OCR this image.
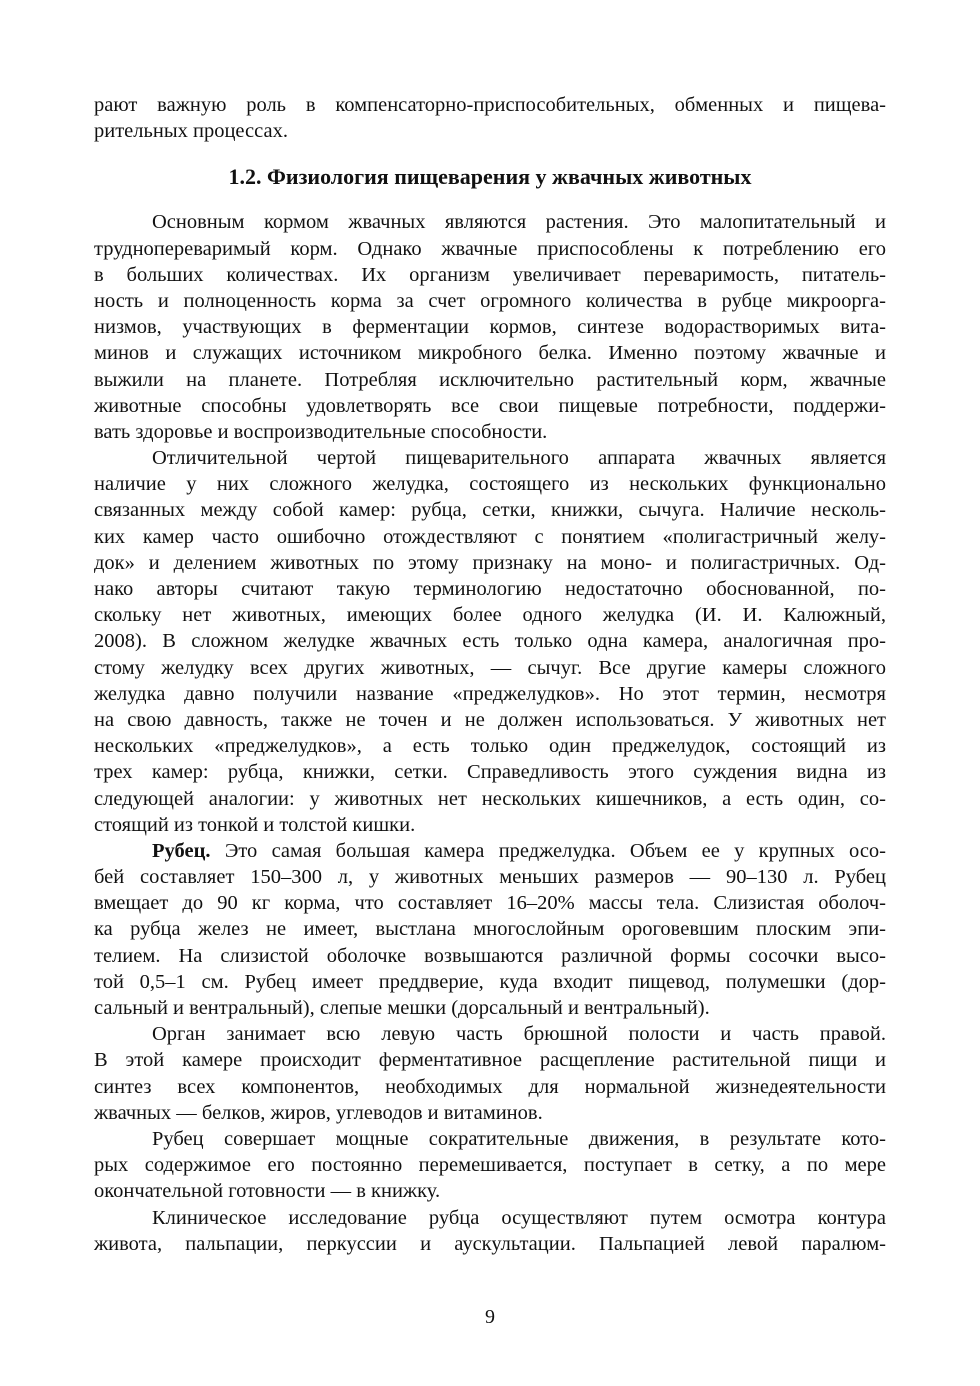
рают важную роль в компенсаторно-приспособительных, обменных и пищева-
рительных процессах.
1.2. Физиология пищеварения у жвачных животных
Основным кормом жвачных являются растения. Это малопитательный и
труднопереваримый корм. Однако жвачные приспособлены к потреблению его
в больших количествах. Их организм увеличивает переваримость, питатель-
ность и полноценность корма за счет огромного количества в рубце микроорга-
низмов, участвующих в ферментации кормов, синтезе водорастворимых вита-
минов и служащих источником микробного белка. Именно поэтому жвачные и
выжили на планете. Потребляя исключительно растительный корм, жвачные
животные способны удовлетворять все свои пищевые потребности, поддержи-
вать здоровье и воспроизводительные способности.
Отличительной чертой пищеварительного аппарата жвачных является
наличие у них сложного желудка, состоящего из нескольких функционально
связанных между собой камер: рубца, сетки, книжки, сычуга. Наличие несколь-
ких камер часто ошибочно отождествляют с понятием «полигастричный желу-
док» и делением животных по этому признаку на моно- и полигастричных. Од-
нако авторы считают такую терминологию недостаточно обоснованной, по-
скольку нет животных, имеющих более одного желудка (И. И. Калюжный,
2008). В сложном желудке жвачных есть только одна камера, аналогичная про-
стому желудку всех других животных, — сычуг. Все другие камеры сложного
желудка давно получили название «преджелудков». Но этот термин, несмотря
на свою давность, также не точен и не должен использоваться. У животных нет
нескольких «преджелудков», а есть только один преджелудок, состоящий из
трех камер: рубца, книжки, сетки. Справедливость этого суждения видна из
следующей аналогии: у животных нет нескольких кишечников, а есть один, со-
стоящий из тонкой и толстой кишки.
Рубец. Это самая большая камера преджелудка. Объем ее у крупных осо-
бей составляет 150–300 л, у животных меньших размеров — 90–130 л. Рубец
вмещает до 90 кг корма, что составляет 16–20% массы тела. Слизистая оболоч-
ка рубца желез не имеет, выстлана многослойным ороговевшим плоским эпи-
телием. На слизистой оболочке возвышаются различной формы сосочки высо-
той 0,5–1 см. Рубец имеет преддверие, куда входит пищевод, полумешки (дор-
сальный и вентральный), слепые мешки (дорсальный и вентральный).
Орган занимает всю левую часть брюшной полости и часть правой.
В этой камере происходит ферментативное расщепление растительной пищи и
синтез всех компонентов, необходимых для нормальной жизнедеятельности
жвачных — белков, жиров, углеводов и витаминов.
Рубец совершает мощные сократительные движения, в результате кото-
рых содержимое его постоянно перемешивается, поступает в сетку, а по мере
окончательной готовности — в книжку.
Клиническое исследование рубца осуществляют путем осмотра контура
живота, пальпации, перкуссии и аускультации. Пальпацией левой паралюм-
9
